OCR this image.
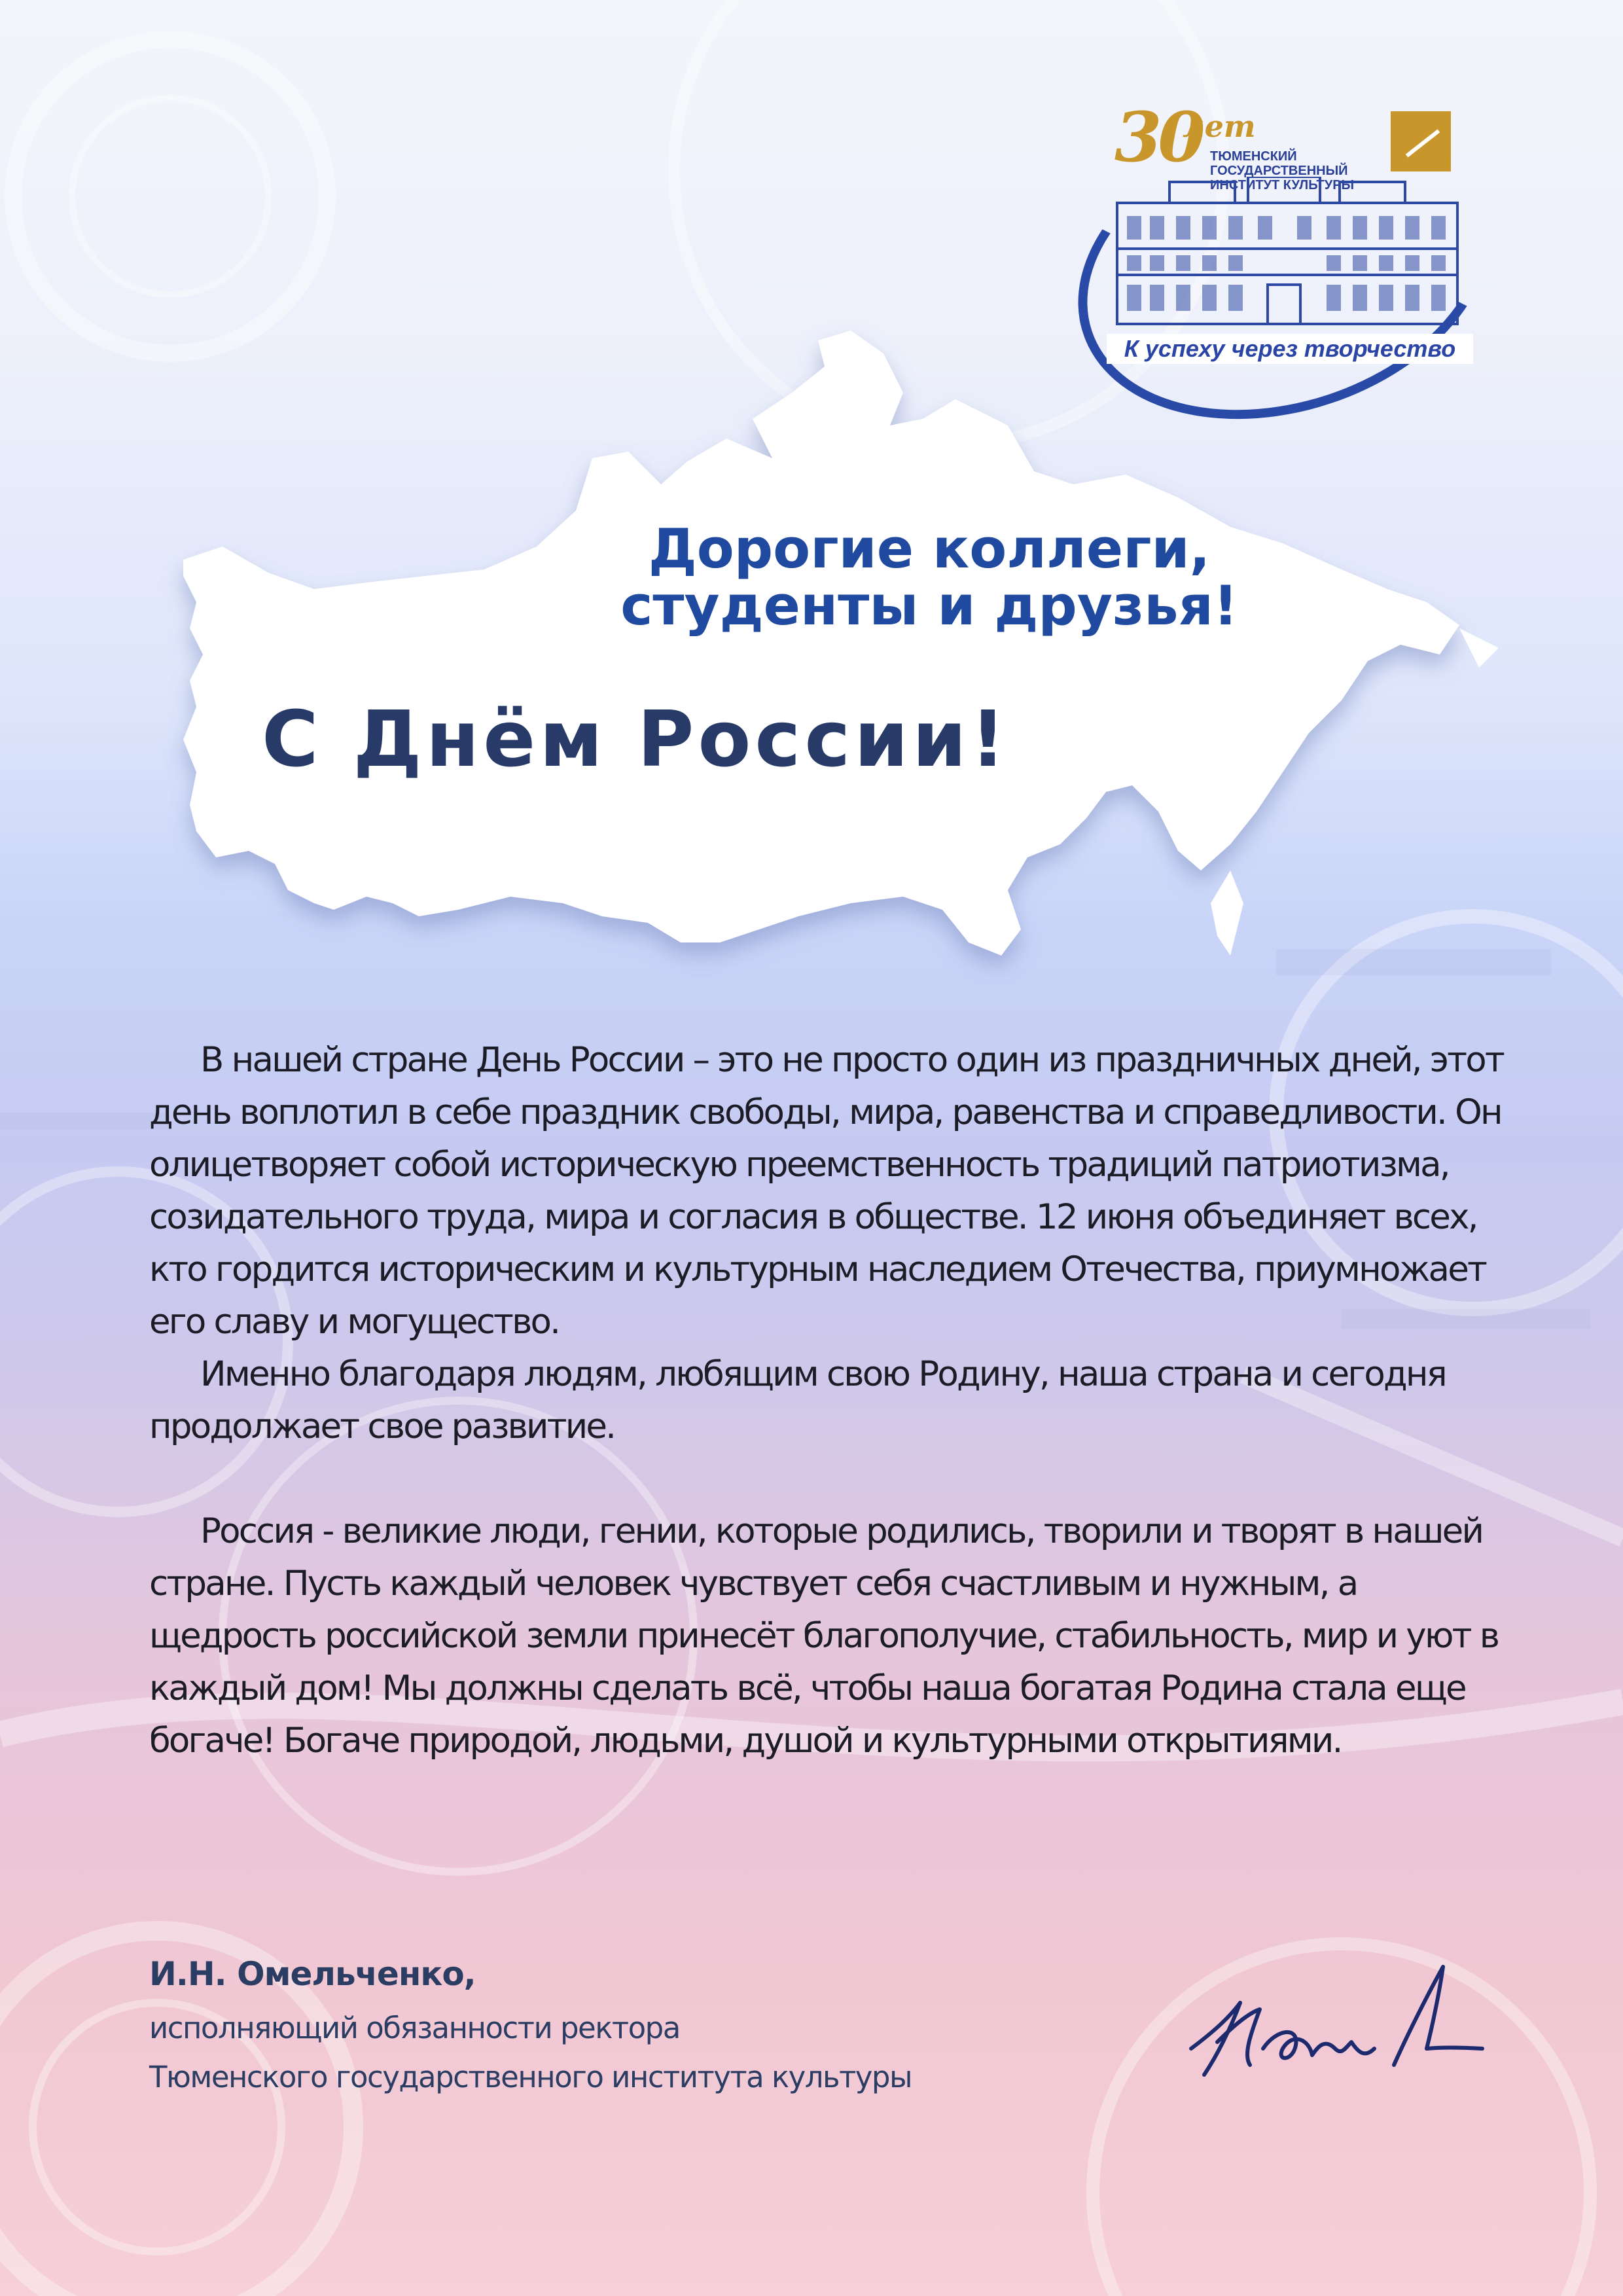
30
лет
ТЮМЕНСКИЙ ГОСУДАРСТВЕННЫЙ ИНСТИТУТ КУЛЬТУРЫ
К успеху через творчество
Дорогие коллеги,
студенты и друзья!
С Днём России!

В нашей стране День России – это не просто один из праздничных дней, этот день воплотил в себе праздник свободы, мира, равенства и справедливости. Он олицетворяет собой историческую преемственность традиций патриотизма, созидательного труда, мира и согласия в обществе. 12 июня объединяет всех, кто гордится историческим и культурным наследием Отечества, приумножает его славу и могущество.

Именно благодаря людям, любящим свою Родину, наша страна и сегодня продолжает свое развитие.

Россия - великие люди, гении, которые родились, творили и творят в нашей стране. Пусть каждый человек чувствует себя счастливым и нужным, а щедрость российской земли принесёт благополучие, стабильность, мир и уют в каждый дом! Мы должны сделать всё, чтобы наша богатая Родина стала еще богаче! Богаче природой, людьми, душой и культурными открытиями.

И.Н. Омельченко,
исполняющий обязанности ректора
Тюменского государственного института культуры
